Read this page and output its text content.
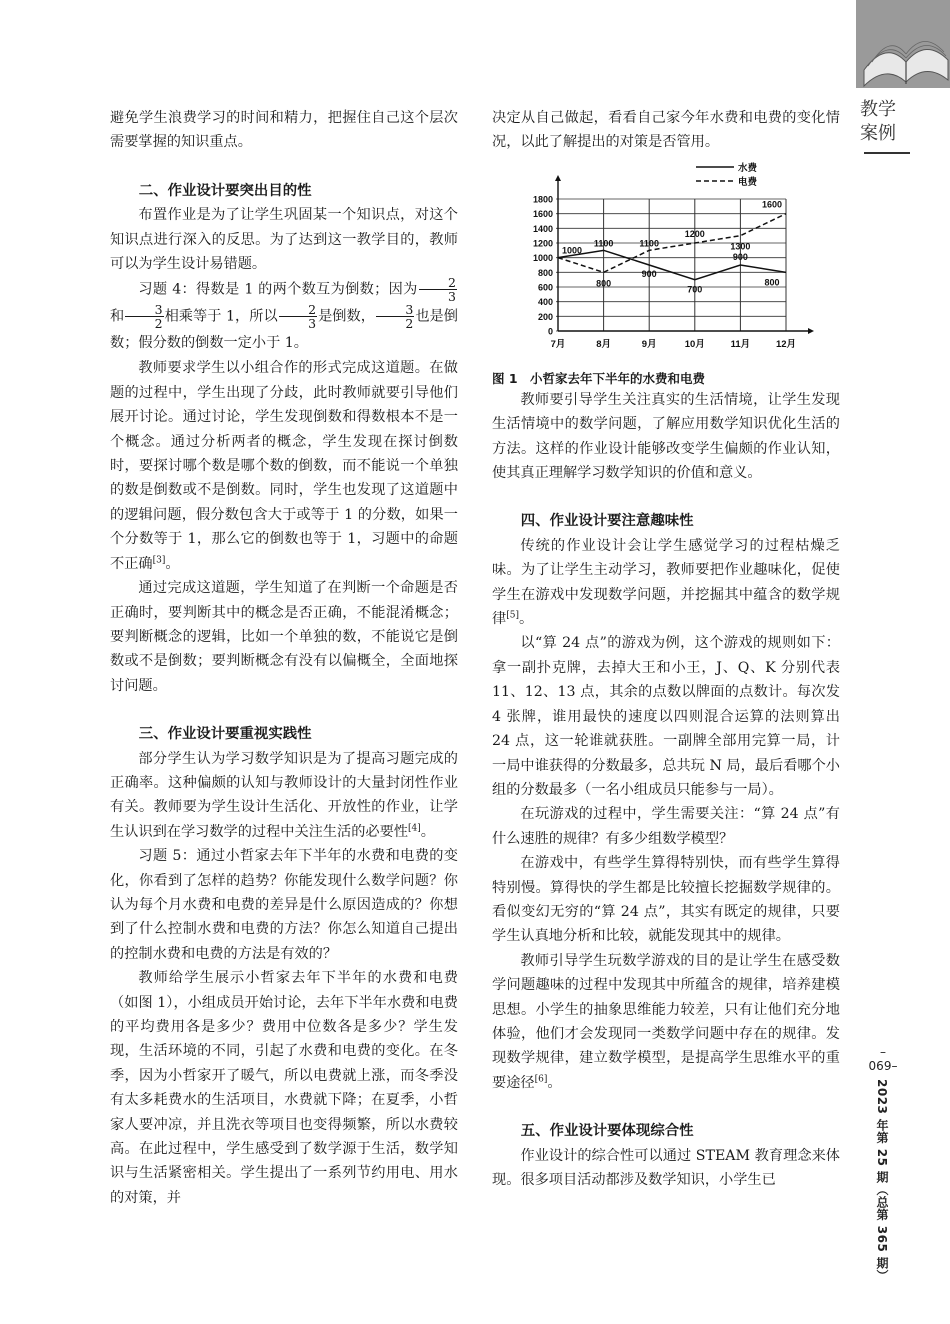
教学
案例
–069–
2023 年第 25 期（总第 365 期）

避免学生浪费学习的时间和精力，把握住自己这个层次需要掌握的知识重点。

二、作业设计要突出目的性

布置作业是为了让学生巩固某一个知识点，对这个知识点进行深入的反思。为了达到这一教学目的，教师可以为学生设计易错题。

习题 4：得数是 1 的两个数互为倒数；因为 $\frac{2}{3}$
和 $\frac{3}{2}$ 相乘等于 1，所以 $\frac{2}{3}$ 是倒数， $\frac{3}{2}$ 也是倒数；假分数的倒数一定小于 1。

教师要求学生以小组合作的形式完成这道题。在做题的过程中，学生出现了分歧，此时教师就要引导他们展开讨论。通过讨论，学生发现倒数和得数根本不是一个概念。通过分析两者的概念，学生发现在探讨倒数时，要探讨哪个数是哪个数的倒数，而不能说一个单独的数是倒数或不是倒数。同时，学生也发现了这道题中的逻辑问题，假分数包含大于或等于 1 的分数，如果一个分数等于 1，那么它的倒数也等于 1，习题中的命题不正确[3]。

通过完成这道题，学生知道了在判断一个命题是否正确时，要判断其中的概念是否正确，不能混淆概念；要判断概念的逻辑，比如一个单独的数，不能说它是倒数或不是倒数；要判断概念有没有以偏概全，全面地探讨问题。

三、作业设计要重视实践性

部分学生认为学习数学知识是为了提高习题完成的正确率。这种偏颇的认知与教师设计的大量封闭性作业有关。教师要为学生设计生活化、开放性的作业，让学生认识到在学习数学的过程中关注生活的必要性[4]。

习题 5：通过小哲家去年下半年的水费和电费的变化，你看到了怎样的趋势？你能发现什么数学问题？你认为每个月水费和电费的差异是什么原因造成的？你想到了什么控制水费和电费的方法？你怎么知道自己提出的控制水费和电费的方法是有效的？

教师给学生展示小哲家去年下半年的水费和电费（如图 1），小组成员开始讨论，去年下半年水费和电费的平均费用各是多少？费用中位数各是多少？学生发现，生活环境的不同，引起了水费和电费的变化。在冬季，因为小哲家开了暖气，所以电费就上涨，而冬季没有太多耗费水的生活项目，水费就下降；在夏季，小哲家人要冲凉，并且洗衣等项目也变得频繁，所以水费较高。在此过程中，学生感受到了数学源于生活，数学知识与生活紧密相关。学生提出了一系列节约用电、用水的对策，并

决定从自己做起，看看自己家今年水费和电费的变化情况，以此了解提出的对策是否管用。

0
200
400
600
800
1000
1200
1400
1600
1800
7月	8月	9月	10月	11月	12月
1000
1100
800
900
1100
1200
700
900
1300
800
1600
水费
电费

图 1　小哲家去年下半年的水费和电费

教师要引导学生关注真实的生活情境，让学生发现生活情境中的数学问题，了解应用数学知识优化生活的方法。这样的作业设计能够改变学生偏颇的作业认知，使其真正理解学习数学知识的价值和意义。

四、作业设计要注意趣味性

传统的作业设计会让学生感觉学习的过程枯燥乏味。为了让学生主动学习，教师要把作业趣味化，促使学生在游戏中发现数学问题，并挖掘其中蕴含的数学规律[5]。

以“算 24 点”的游戏为例，这个游戏的规则如下：拿一副扑克牌，去掉大王和小王，J、Q、K 分别代表 11、12、13 点，其余的点数以牌面的点数计。每次发 4 张牌，谁用最快的速度以四则混合运算的法则算出 24 点，这一轮谁就获胜。一副牌全部用完算一局，计一局中谁获得的分数最多，总共玩 N 局，最后看哪个小组的分数最多（一名小组成员只能参与一局）。

在玩游戏的过程中，学生需要关注：“算 24 点”有什么速胜的规律？有多少组数学模型？

在游戏中，有些学生算得特别快，而有些学生算得特别慢。算得快的学生都是比较擅长挖掘数学规律的。看似变幻无穷的“算 24 点”，其实有既定的规律，只要学生认真地分析和比较，就能发现其中的规律。

教师引导学生玩数学游戏的目的是让学生在感受数学问题趣味的过程中发现其中所蕴含的规律，培养建模思想。小学生的抽象思维能力较差，只有让他们充分地体验，他们才会发现同一类数学问题中存在的规律。发现数学规律，建立数学模型，是提高学生思维水平的重要途径[6]。

五、作业设计要体现综合性

作业设计的综合性可以通过 STEAM 教育理念来体现。很多项目活动都涉及数学知识，小学生已
